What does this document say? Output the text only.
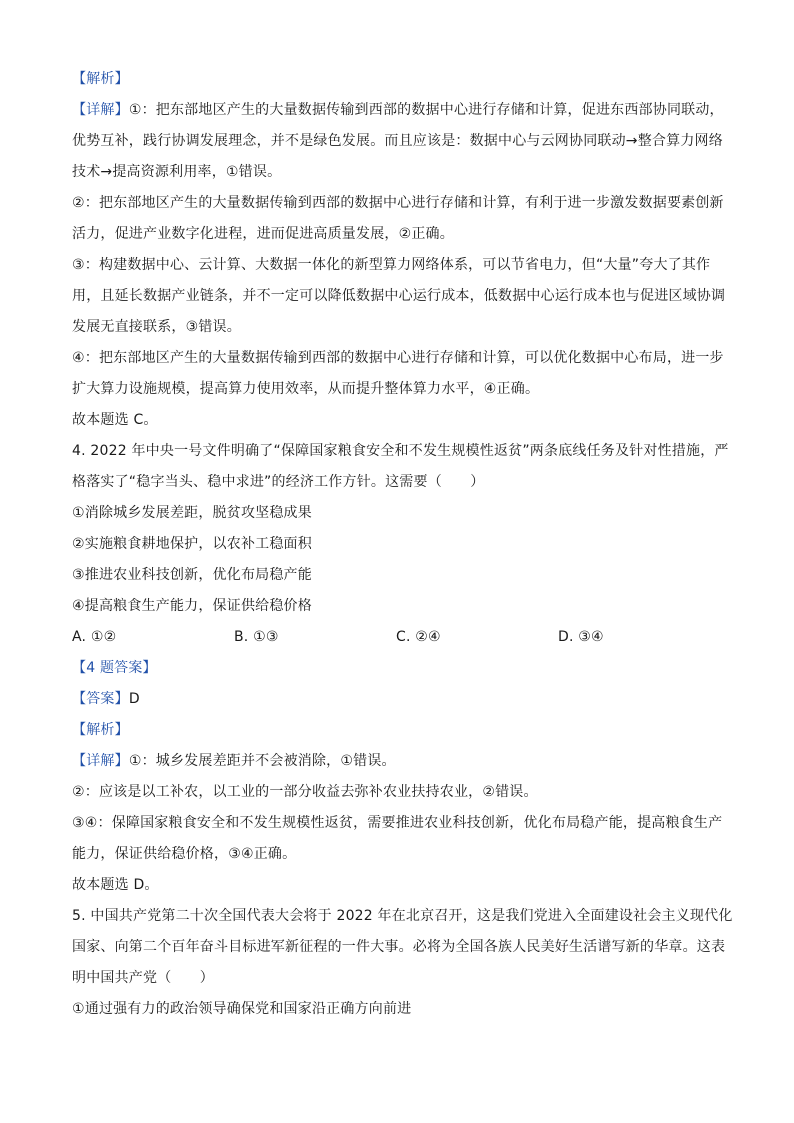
【解析】
【详解】①：把东部地区产生的大量数据传输到西部的数据中心进行存储和计算，促进东西部协同联动，
优势互补，践行协调发展理念，并不是绿色发展。而且应该是：数据中心与云网协同联动→整合算力网络
技术→提高资源利用率，①错误。
②：把东部地区产生的大量数据传输到西部的数据中心进行存储和计算，有利于进一步激发数据要素创新
活力，促进产业数字化进程，进而促进高质量发展，②正确。
③：构建数据中心、云计算、大数据一体化的新型算力网络体系，可以节省电力，但“大量”夸大了其作
用，且延长数据产业链条，并不一定可以降低数据中心运行成本，低数据中心运行成本也与促进区域协调
发展无直接联系，③错误。
④：把东部地区产生的大量数据传输到西部的数据中心进行存储和计算，可以优化数据中心布局，进一步
扩大算力设施规模，提高算力使用效率，从而提升整体算力水平，④正确。
故本题选 C。
4. 2022 年中央一号文件明确了“保障国家粮食安全和不发生规模性返贫”两条底线任务及针对性措施，严
格落实了“稳字当头、稳中求进”的经济工作方针。这需要（　　）
①消除城乡发展差距，脱贫攻坚稳成果
②实施粮食耕地保护，以农补工稳面积
③推进农业科技创新，优化布局稳产能
④提高粮食生产能力，保证供给稳价格
A. ①②	B. ①③	C. ②④	D. ③④
【4 题答案】
【答案】D
【解析】
【详解】①：城乡发展差距并不会被消除，①错误。
②：应该是以工补农，以工业的一部分收益去弥补农业扶持农业，②错误。
③④：保障国家粮食安全和不发生规模性返贫，需要推进农业科技创新，优化布局稳产能，提高粮食生产
能力，保证供给稳价格，③④正确。
故本题选 D。
5. 中国共产党第二十次全国代表大会将于 2022 年在北京召开，这是我们党进入全面建设社会主义现代化
国家、向第二个百年奋斗目标进军新征程的一件大事。必将为全国各族人民美好生活谱写新的华章。这表
明中国共产党（　　）
①通过强有力的政治领导确保党和国家沿正确方向前进
